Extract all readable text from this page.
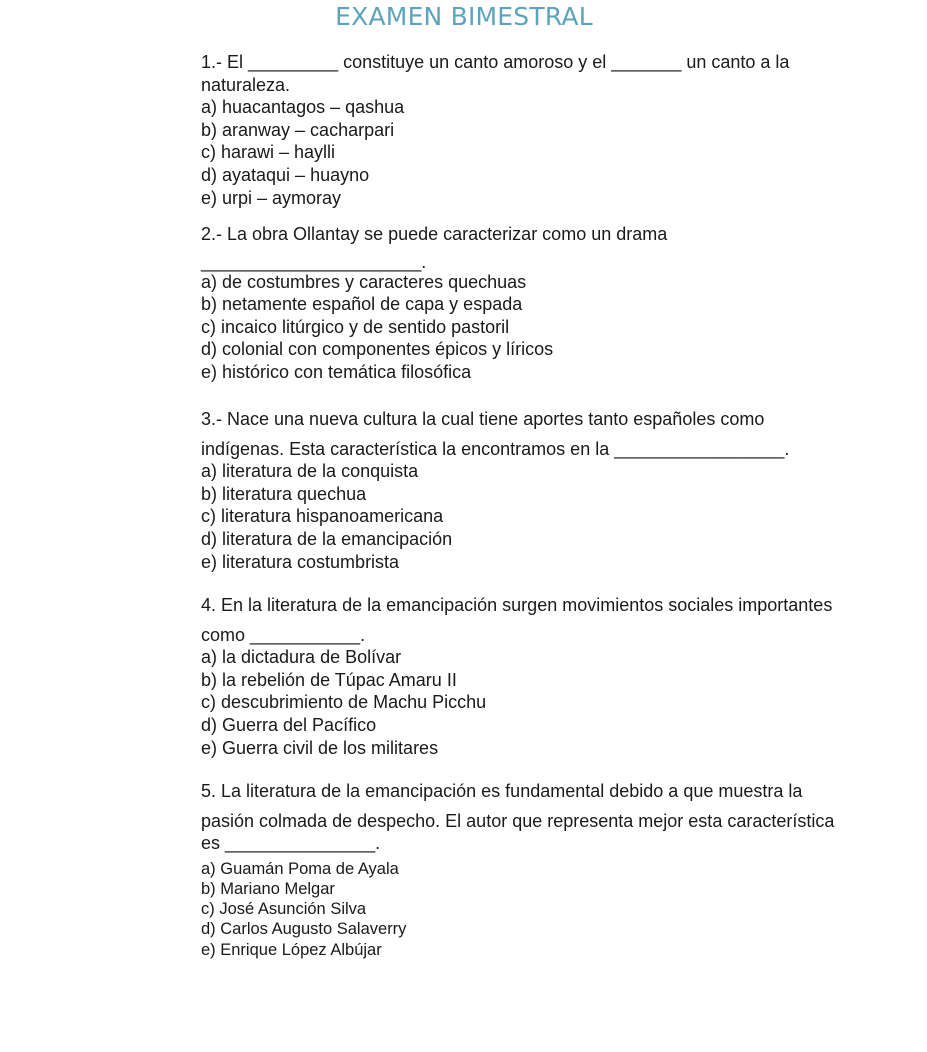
EXAMEN BIMESTRAL
1.- El _________ constituye un canto amoroso y el _______ un canto a la
naturaleza.
a) huacantagos – qashua
b) aranway – cacharpari
c) harawi – haylli
d) ayataqui – huayno
e) urpi – aymoray
2.- La obra Ollantay se puede caracterizar como un drama
______________________.
a) de costumbres y caracteres quechuas
b) netamente español de capa y espada
c) incaico litúrgico y de sentido pastoril
d) colonial con componentes épicos y líricos
e) histórico con temática filosófica
3.- Nace una nueva cultura la cual tiene aportes tanto españoles como
indígenas. Esta característica la encontramos en la _________________.
a) literatura de la conquista
b) literatura quechua
c) literatura hispanoamericana
d) literatura de la emancipación
e) literatura costumbrista
4. En la literatura de la emancipación surgen movimientos sociales importantes
como ___________.
a) la dictadura de Bolívar
b) la rebelión de Túpac Amaru II
c) descubrimiento de Machu Picchu
d) Guerra del Pacífico
e) Guerra civil de los militares
5. La literatura de la emancipación es fundamental debido a que muestra la
pasión colmada de despecho. El autor que representa mejor esta característica
es _______________.
a) Guamán Poma de Ayala
b) Mariano Melgar
c) José Asunción Silva
d) Carlos Augusto Salaverry
e) Enrique López Albújar
